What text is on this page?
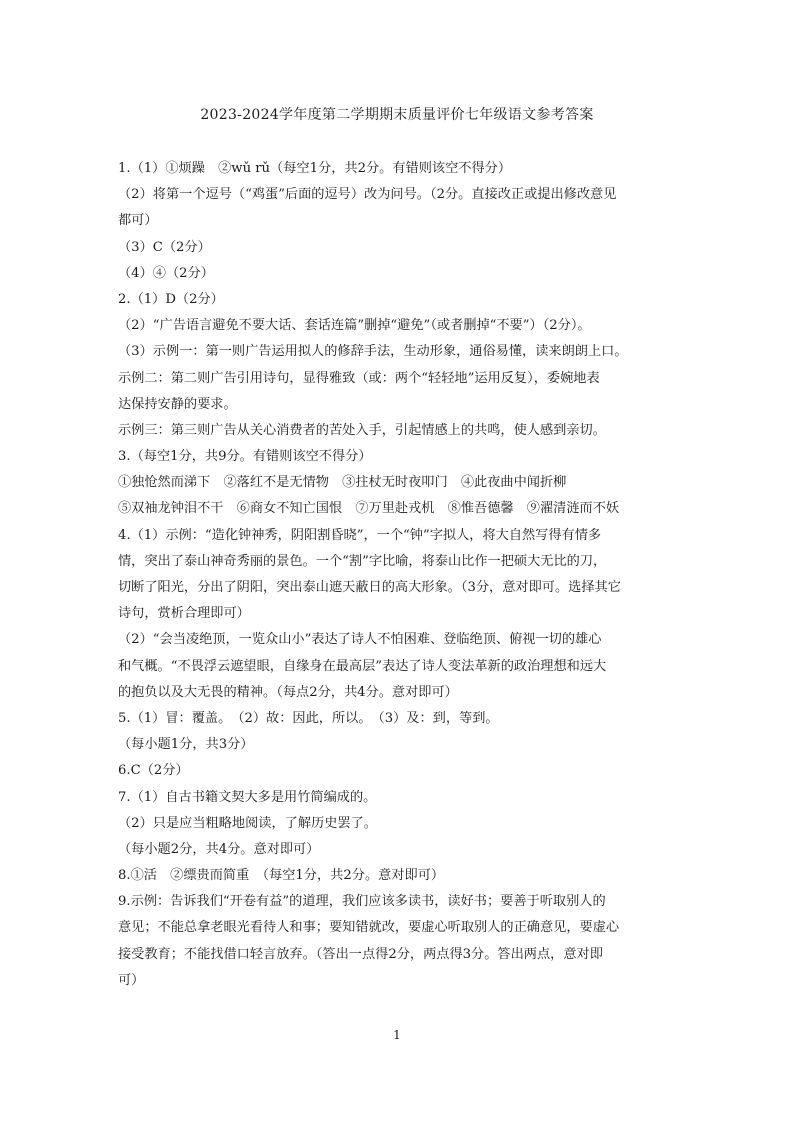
2023-2024学年度第二学期期末质量评价七年级语文参考答案
1.（1）①烦躁　②wǔ rǔ（每空1分，共2分。有错则该空不得分）
（2）将第一个逗号（“鸡蛋”后面的逗号）改为问号。（2分。直接改正或提出修改意见
都可）
（3）C（2分）
（4）④（2分）
2.（1）D（2分）
（2）“广告语言避免不要大话、套话连篇”删掉“避免”（或者删掉“不要”）（2分）。
（3）示例一：第一则广告运用拟人的修辞手法，生动形象，通俗易懂，读来朗朗上口。
示例二：第二则广告引用诗句，显得雅致（或：两个“轻轻地”运用反复），委婉地表
达保持安静的要求。
示例三：第三则广告从关心消费者的苦处入手，引起情感上的共鸣，使人感到亲切。
3.（每空1分，共9分。有错则该空不得分）
①独怆然而涕下　②落红不是无情物　③拄杖无时夜叩门　④此夜曲中闻折柳
⑤双袖龙钟泪不干　⑥商女不知亡国恨　⑦万里赴戎机　⑧惟吾德馨　⑨濯清涟而不妖
4.（1）示例：“造化钟神秀，阴阳割昏晓”，一个“钟”字拟人，将大自然写得有情多
情，突出了泰山神奇秀丽的景色。一个“割”字比喻，将泰山比作一把硕大无比的刀，
切断了阳光，分出了阴阳，突出泰山遮天蔽日的高大形象。（3分，意对即可。选择其它
诗句，赏析合理即可）
（2）“会当凌绝顶，一览众山小”表达了诗人不怕困难、登临绝顶、俯视一切的雄心
和气概。“不畏浮云遮望眼，自缘身在最高层”表达了诗人变法革新的政治理想和远大
的抱负以及大无畏的精神。（每点2分，共4分。意对即可）
5.（1）冒：覆盖。　（2）故：因此，所以。　（3）及：到，等到。
（每小题1分，共3分）
6.C（2分）
7.（1）自古书籍文契大多是用竹简编成的。
（2）只是应当粗略地阅读，了解历史罢了。
（每小题2分，共4分。意对即可）
8.①活　②缥贵而简重　（每空1分，共2分。意对即可）
9.示例：告诉我们“开卷有益”的道理，我们应该多读书，读好书；要善于听取别人的
意见；不能总拿老眼光看待人和事；要知错就改，要虚心听取别人的正确意见，要虚心
接受教育；不能找借口轻言放弃。（答出一点得2分，两点得3分。答出两点，意对即
可）
1
